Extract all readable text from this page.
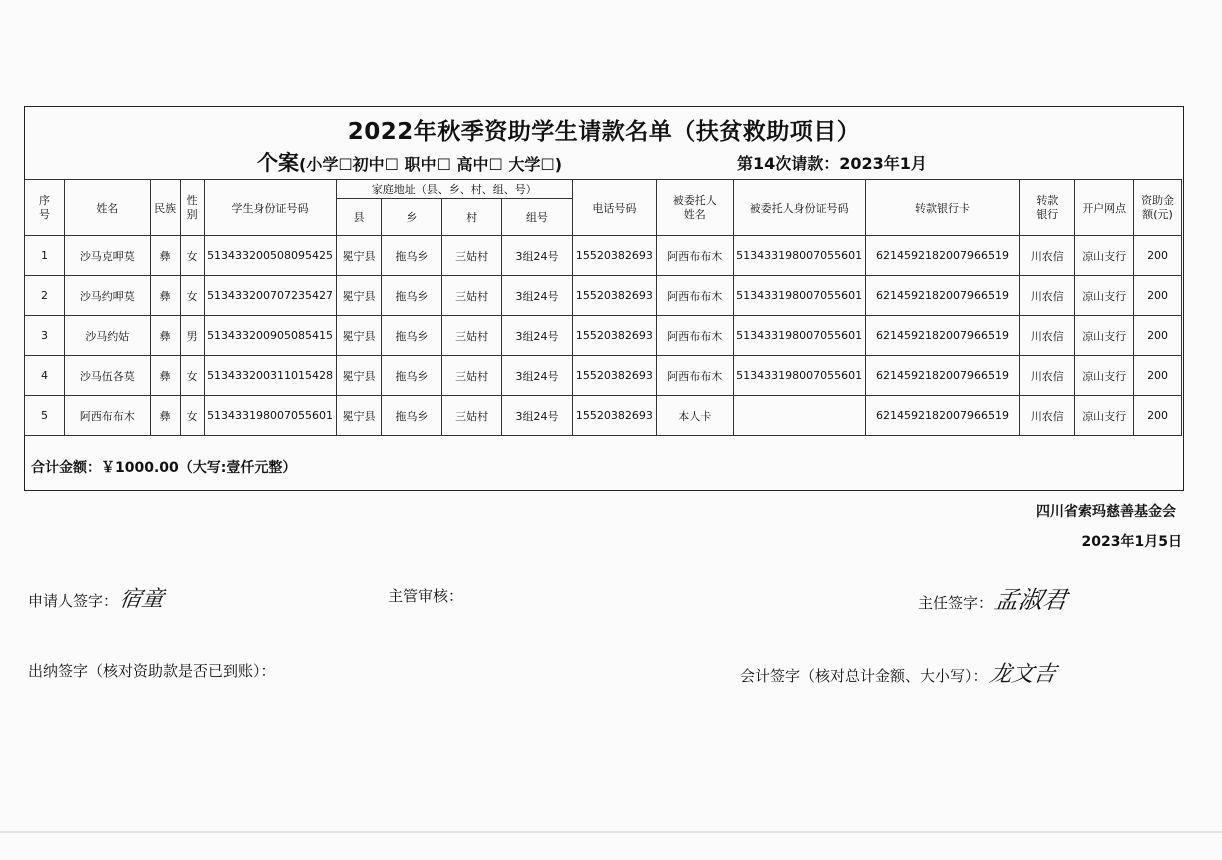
2022年秋季资助学生请款名单（扶贫救助项目）
个案(小学☐初中☐ 职中☐ 高中☐ 大学☐)	第14次请款：2023年1月
序号	姓名	民族	性别	学生身份证号码	家庭地址（县、乡、村、组、号）				电话号码	被委托人姓名	被委托人身份证号码	转款银行卡	转款银行	开户网点	资助金额(元)
					县	乡	村	组号							
1	沙马克呷莫	彝	女	513433200508095425	冕宁县	拖乌乡	三姑村	3组24号	15520382693	阿西布布木	513433198007055601	6214592182007966519	川农信	凉山支行	200
2	沙马约呷莫	彝	女	513433200707235427	冕宁县	拖乌乡	三姑村	3组24号	15520382693	阿西布布木	513433198007055601	6214592182007966519	川农信	凉山支行	200
3	沙马约姑	彝	男	513433200905085415	冕宁县	拖乌乡	三姑村	3组24号	15520382693	阿西布布木	513433198007055601	6214592182007966519	川农信	凉山支行	200
4	沙马伍各莫	彝	女	513433200311015428	冕宁县	拖乌乡	三姑村	3组24号	15520382693	阿西布布木	513433198007055601	6214592182007966519	川农信	凉山支行	200
5	阿西布布木	彝	女	513433198007055601	冕宁县	拖乌乡	三姑村	3组24号	15520382693	本人卡		6214592182007966519	川农信	凉山支行	200
合计金额：￥1000.00（大写:壹仟元整）
四川省索玛慈善基金会
2023年1月5日
申请人签字：宿童	主管审核：	主任签字：孟淑君
出纳签字（核对资助款是否已到账）：	会计签字（核对总计金额、大小写）：龙文吉
